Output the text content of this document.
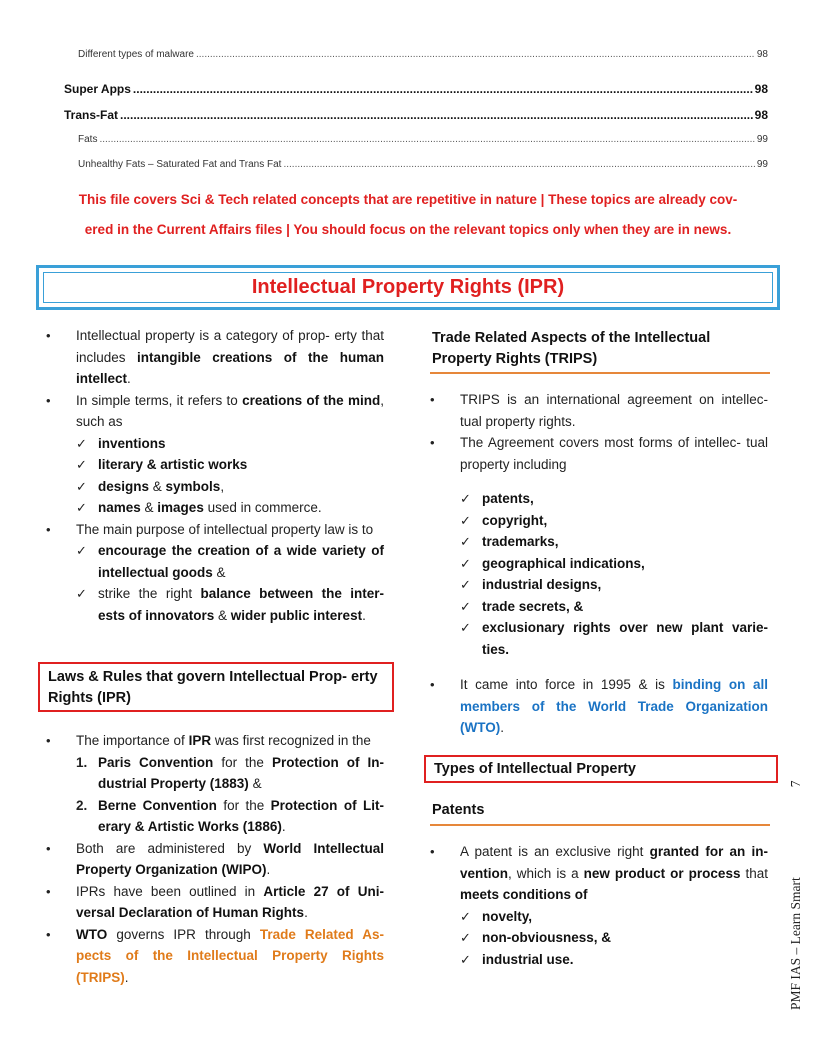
Different types of malware .....	98
Super Apps .....	98
Trans-Fat .....	98
Fats .....	99
Unhealthy Fats – Saturated Fat and Trans Fat .....	99
This file covers Sci & Tech related concepts that are repetitive in nature | These topics are already cov-
ered in the Current Affairs files | You should focus on the relevant topics only when they are in news.
Intellectual Property Rights (IPR)

• Intellectual property is a category of prop- erty that includes intangible creations of the human intellect.

• In simple terms, it refers to creations of the mind, such as

✓ inventions

✓ literary & artistic works

✓ designs & symbols,

✓ names & images used in commerce.

• The main purpose of intellectual property law is to

✓ encourage the creation of a wide variety of intellectual goods &

✓ strike the right balance between the inter- ests of innovators & wider public interest.

Laws & Rules that govern Intellectual Prop- erty Rights (IPR)

• The importance of IPR was first recognized in the

1. Paris Convention for the Protection of In- dustrial Property (1883) &

2. Berne Convention for the Protection of Lit- erary & Artistic Works (1886).

• Both are administered by World Intellectual Property Organization (WIPO).

• IPRs have been outlined in Article 27 of Uni- versal Declaration of Human Rights.

• WTO governs IPR through Trade Related As- pects of the Intellectual Property Rights (TRIPS).

Trade Related Aspects of the Intellectual Property Rights (TRIPS)

• TRIPS is an international agreement on intellec- tual property rights.

• The Agreement covers most forms of intellec- tual property including

✓ patents,

✓ copyright,

✓ trademarks,

✓ geographical indications,

✓ industrial designs,

✓ trade secrets, &

✓ exclusionary rights over new plant varie- ties.

• It came into force in 1995 & is binding on all members of the World Trade Organization (WTO).

Types of Intellectual Property
Patents

• A patent is an exclusive right granted for an in- vention, which is a new product or process that meets conditions of

✓ novelty,

✓ non-obviousness, &

✓ industrial use.	PMF IAS – Learn Smart7
